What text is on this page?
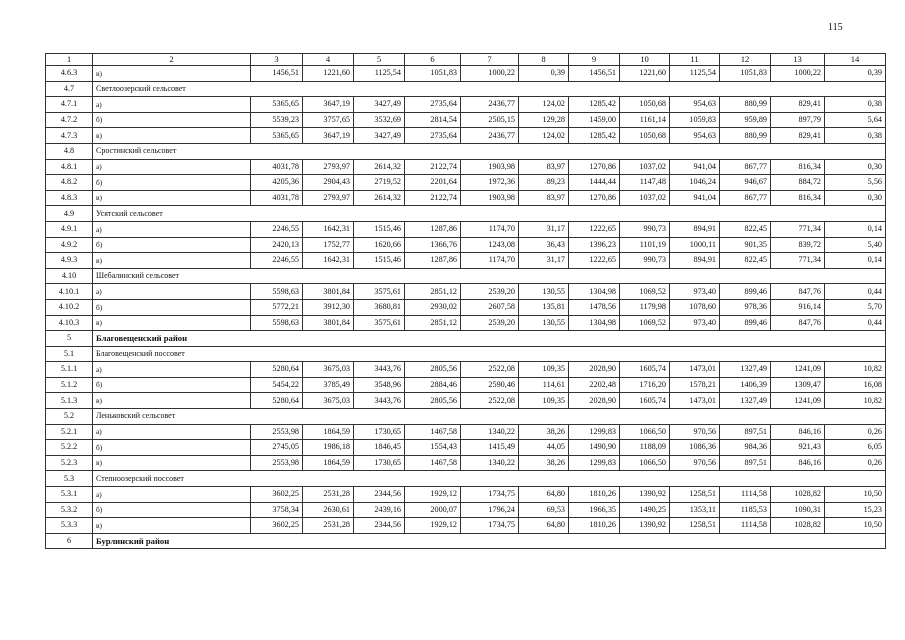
115
1	2	3	4	5	6	7	8	9	10	11	12	13	14
4.6.3	в)	1456,51	1221,60	1125,54	1051,83	1000,22	0,39	1456,51	1221,60	1125,54	1051,83	1000,22	0,39
4.7	Светлоозерский сельсовет												
4.7.1	а)	5365,65	3647,19	3427,49	2735,64	2436,77	124,02	1285,42	1050,68	954,63	880,99	829,41	0,38
4.7.2	б)	5539,23	3757,65	3532,69	2814,54	2505,15	129,28	1459,00	1161,14	1059,83	959,89	897,79	5,64
4.7.3	в)	5365,65	3647,19	3427,49	2735,64	2436,77	124,02	1285,42	1050,68	954,63	880,99	829,41	0,38
4.8	Сростинский сельсовет												
4.8.1	а)	4031,78	2793,97	2614,32	2122,74	1903,98	83,97	1270,86	1037,02	941,04	867,77	816,34	0,30
4.8.2	б)	4205,36	2904,43	2719,52	2201,64	1972,36	89,23	1444,44	1147,48	1046,24	946,67	884,72	5,56
4.8.3	в)	4031,78	2793,97	2614,32	2122,74	1903,98	83,97	1270,86	1037,02	941,04	867,77	816,34	0,30
4.9	Усятский сельсовет												
4.9.1	а)	2246,55	1642,31	1515,46	1287,86	1174,70	31,17	1222,65	990,73	894,91	822,45	771,34	0,14
4.9.2	б)	2420,13	1752,77	1620,66	1366,76	1243,08	36,43	1396,23	1101,19	1000,11	901,35	839,72	5,40
4.9.3	в)	2246,55	1642,31	1515,46	1287,86	1174,70	31,17	1222,65	990,73	894,91	822,45	771,34	0,14
4.10	Шебалинский сельсовет												
4.10.1	а)	5598,63	3801,84	3575,61	2851,12	2539,20	130,55	1304,98	1069,52	973,40	899,46	847,76	0,44
4.10.2	б)	5772,21	3912,30	3680,81	2930,02	2607,58	135,81	1478,56	1179,98	1078,60	978,36	916,14	5,70
4.10.3	в)	5598,63	3801,84	3575,61	2851,12	2539,20	130,55	1304,98	1069,52	973,40	899,46	847,76	0,44
5	Благовещенский район												
5.1	Благовещенский поссовет												
5.1.1	а)	5280,64	3675,03	3443,76	2805,56	2522,08	109,35	2028,90	1605,74	1473,01	1327,49	1241,09	10,82
5.1.2	б)	5454,22	3785,49	3548,96	2884,46	2590,46	114,61	2202,48	1716,20	1578,21	1406,39	1309,47	16,08
5.1.3	в)	5280,64	3675,03	3443,76	2805,56	2522,08	109,35	2028,90	1605,74	1473,01	1327,49	1241,09	10,82
5.2	Леньковский сельсовет												
5.2.1	а)	2553,98	1864,59	1730,65	1467,58	1340,22	38,26	1299,83	1066,50	970,56	897,51	846,16	0,26
5.2.2	б)	2745,05	1986,18	1846,45	1554,43	1415,49	44,05	1490,90	1188,09	1086,36	984,36	921,43	6,05
5.2.3	в)	2553,98	1864,59	1730,65	1467,58	1340,22	38,26	1299,83	1066,50	970,56	897,51	846,16	0,26
5.3	Степноозерский поссовет												
5.3.1	а)	3602,25	2531,28	2344,56	1929,12	1734,75	64,80	1810,26	1390,92	1258,51	1114,58	1028,82	10,50
5.3.2	б)	3758,34	2630,61	2439,16	2000,07	1796,24	69,53	1966,35	1490,25	1353,11	1185,53	1090,31	15,23
5.3.3	в)	3602,25	2531,28	2344,56	1929,12	1734,75	64,80	1810,26	1390,92	1258,51	1114,58	1028,82	10,50
6	Бурлинский район												
